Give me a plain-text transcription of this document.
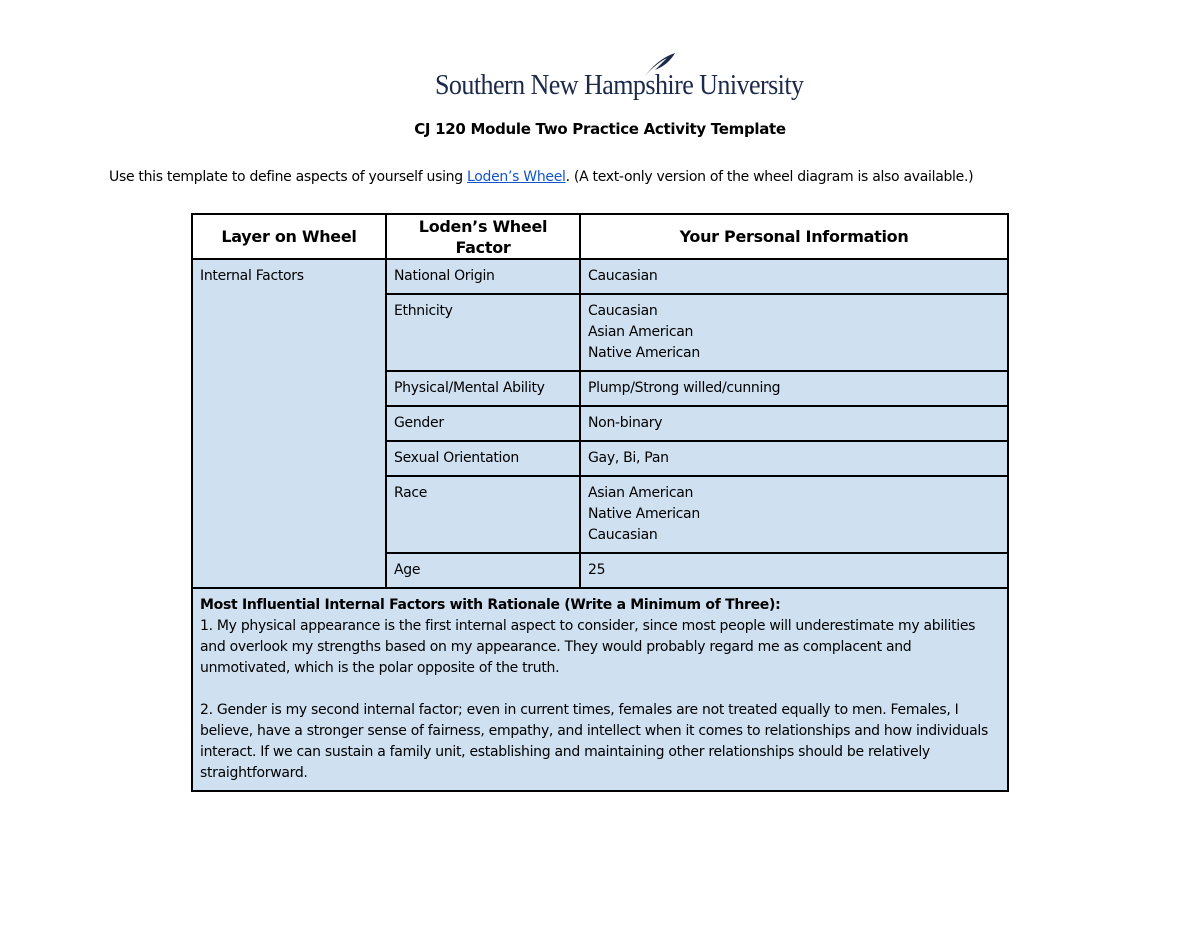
Southern New Hampshire University
CJ 120 Module Two Practice Activity Template
Use this template to define aspects of yourself using Loden’s Wheel. (A text-only version of the wheel diagram is also available.)
Layer on Wheel	Loden’s Wheel Factor	Your Personal Information
Internal Factors	National Origin	Caucasian

	Ethnicity	Caucasian
Asian American
Native American

	Physical/Mental Ability	Plump/Strong willed/cunning

	Gender	Non-binary

	Sexual Orientation	Gay, Bi, Pan

	Race	Asian American
Native American
Caucasian

	Age	25

Most Influential Internal Factors with Rationale (Write a Minimum of Three):

1. My physical appearance is the first internal aspect to consider, since most people will underestimate my abilities and overlook my strengths based on my appearance. They would probably regard me as complacent and unmotivated, which is the polar opposite of the truth.

2. Gender is my second internal factor; even in current times, females are not treated equally to men. Females, I believe, have a stronger sense of fairness, empathy, and intellect when it comes to relationships and how individuals interact. If we can sustain a family unit, establishing and maintaining other relationships should be relatively straightforward.		
